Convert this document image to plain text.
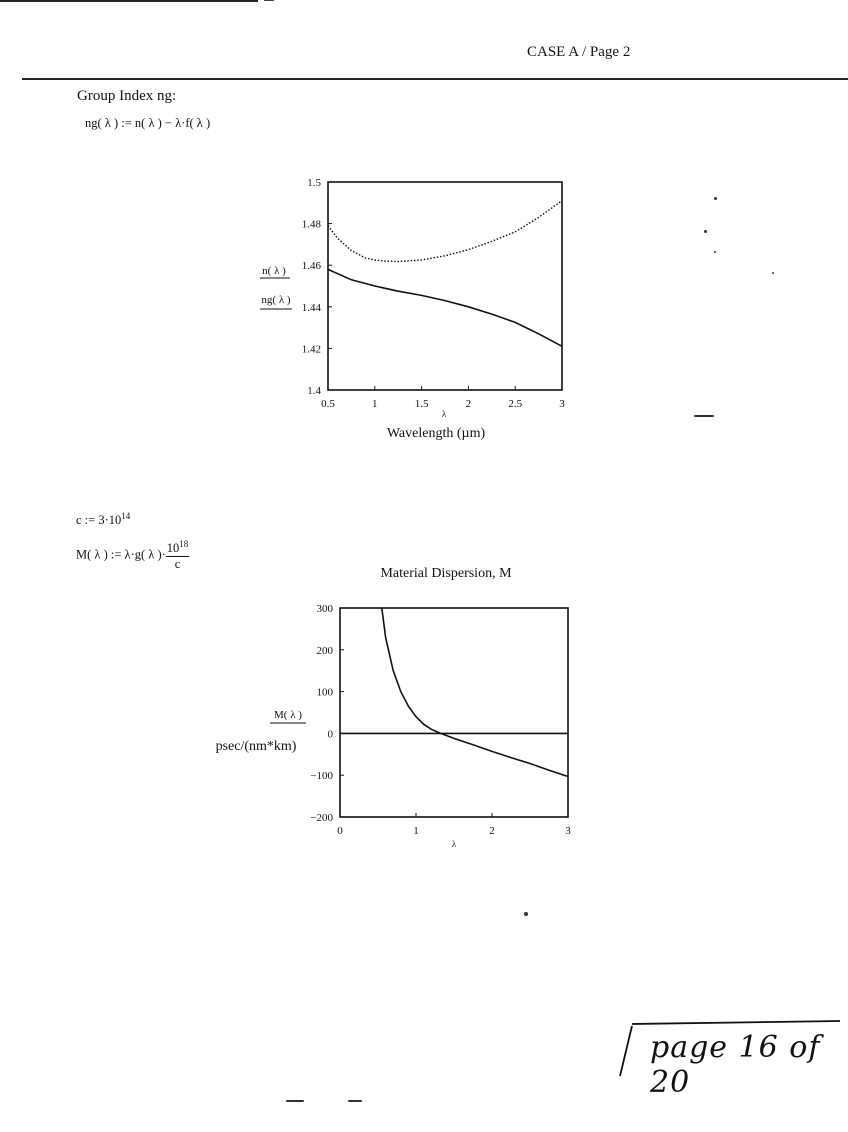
CASE A / Page 2
Group Index ng:
ng( λ ) := n( λ ) − λ·f( λ )
0.5	1	1.5	2	2.5	3
1.4
1.42
1.44
1.46
1.48
1.5
n( λ )
ng( λ )
λ
Wavelength (µm)
c := $3\cdot 10^{14}$
M( λ ) := λ·g( λ )· $\frac{10^{18}}{c}$
Material Dispersion, M
0	1	2	3
−200
−100
0
100
200
300
M( λ )
psec/(nm*km)
λ
page 16 of 20
